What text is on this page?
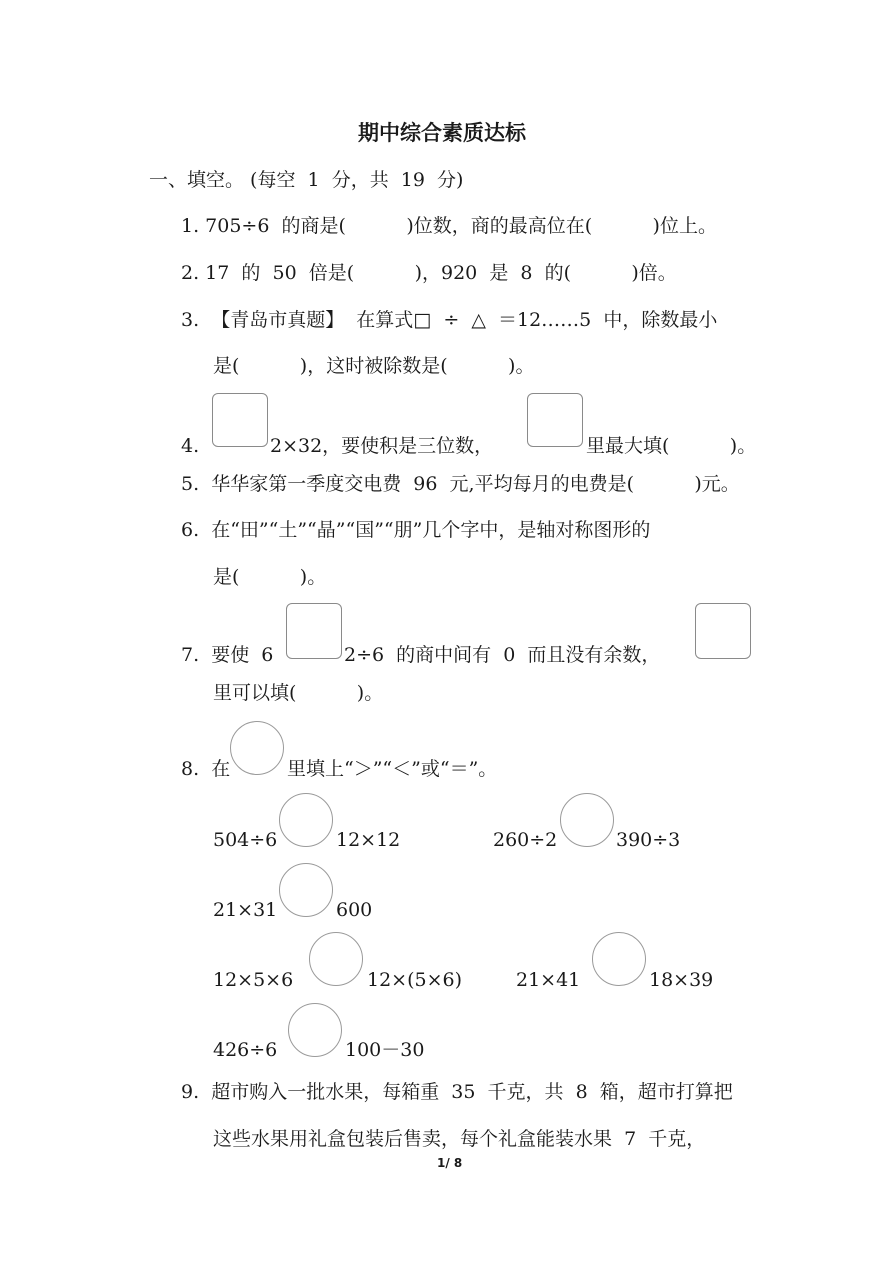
期中综合素质达标
一、填空。 (每空  1  分，共  19  分)
1. 705÷6  的商是(          )位数，商的最高位在(          )位上。
2. 17  的  50  倍是(          )，920  是  8  的(          )倍。
3.  【青岛市真题】  在算式□  ÷  △  ＝12……5  中，除数最小
是(          )，这时被除数是(          )。
4.	2×32，要使积是三位数，	里最大填(          )。
5.  华华家第一季度交电费  96  元,平均每月的电费是(          )元。
6.  在“田”“土”“晶”“国”“朋”几个字中，是轴对称图形的
是(          )。
7.  要使  6	2÷6  的商中间有  0  而且没有余数，
里可以填(          )。
8.  在	里填上“＞”“＜”或“＝”。
504÷6	12×12	260÷2	390÷3
21×31	600
12×5×6	12×(5×6)	21×41	18×39
426÷6	100－30
9.  超市购入一批水果，每箱重  35  千克，共  8  箱，超市打算把
这些水果用礼盒包装后售卖，每个礼盒能装水果  7  千克，
1/ 8
